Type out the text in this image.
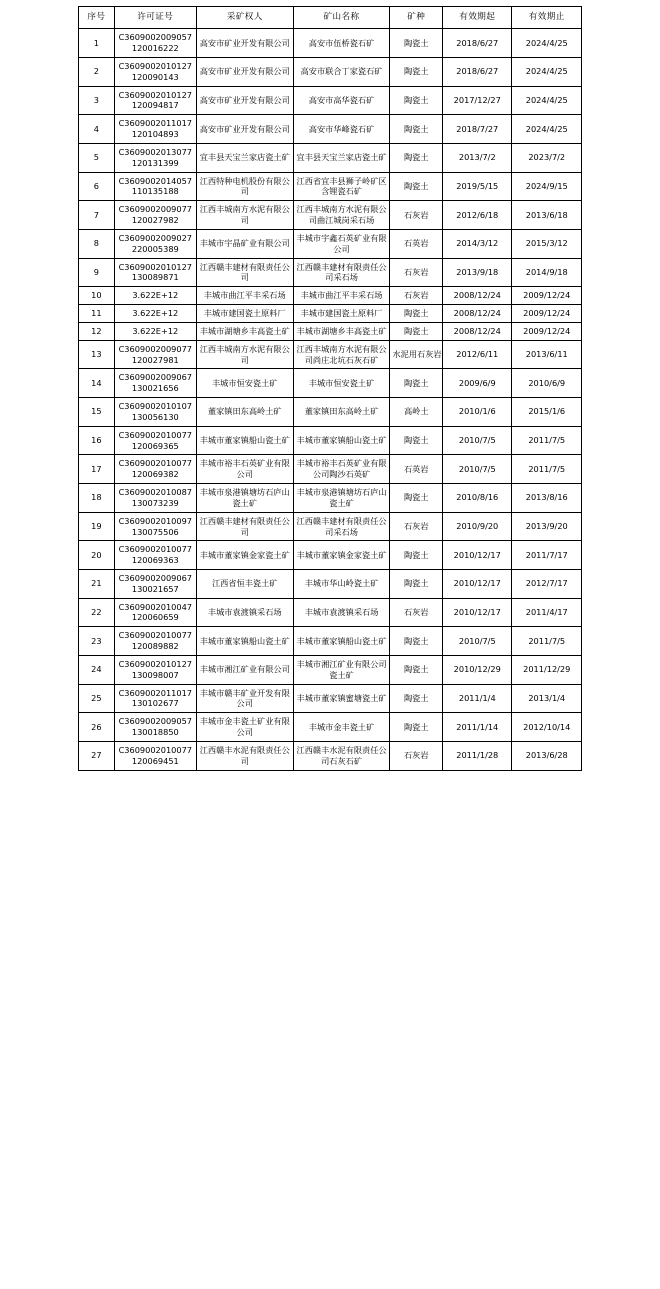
序号	许可证号	采矿权人	矿山名称	矿种	有效期起	有效期止
1	C3609002009057120016222	高安市矿业开发有限公司	高安市伍桥瓷石矿	陶瓷土	2018/6/27	2024/4/25
2	C3609002010127120090143	高安市矿业开发有限公司	高安市联合丁家瓷石矿	陶瓷土	2018/6/27	2024/4/25
3	C3609002010127120094817	高安市矿业开发有限公司	高安市高华瓷石矿	陶瓷土	2017/12/27	2024/4/25
4	C3609002011017120104893	高安市矿业开发有限公司	高安市华峰瓷石矿	陶瓷土	2018/7/27	2024/4/25
5	C3609002013077120131399	宜丰县天宝兰家店瓷土矿	宜丰县天宝兰家店瓷土矿	陶瓷土	2013/7/2	2023/7/2
6	C3609002014057110135188	江西特种电机股份有限公司	江西省宜丰县狮子岭矿区含锂瓷石矿	陶瓷土	2019/5/15	2024/9/15
7	C3609002009077120027982	江西丰城南方水泥有限公司	江西丰城南方水泥有限公司曲江城岗采石场	石灰岩	2012/6/18	2013/6/18
8	C3609002009027220005389	丰城市宇晶矿业有限公司	丰城市宇鑫石英矿业有限公司	石英岩	2014/3/12	2015/3/12
9	C3609002010127130089871	江西赣丰建材有限责任公司	江西赣丰建材有限责任公司采石场	石灰岩	2013/9/18	2014/9/18
10	3.622E+12	丰城市曲江平丰采石场	丰城市曲江平丰采石场	石灰岩	2008/12/24	2009/12/24
11	3.622E+12	丰城市建国瓷土原料厂	丰城市建国瓷土原料厂	陶瓷土	2008/12/24	2009/12/24
12	3.622E+12	丰城市湖塘乡丰高瓷土矿	丰城市湖塘乡丰高瓷土矿	陶瓷土	2008/12/24	2009/12/24
13	C3609002009077120027981	江西丰城南方水泥有限公司	江西丰城南方水泥有限公司尚庄北坑石灰石矿	水泥用石灰岩	2012/6/11	2013/6/11
14	C3609002009067130021656	丰城市恒安瓷土矿	丰城市恒安瓷土矿	陶瓷土	2009/6/9	2010/6/9
15	C3609002010107130056130	董家镇田东高岭土矿	董家镇田东高岭土矿	高岭土	2010/1/6	2015/1/6
16	C3609002010077120069365	丰城市董家镇船山瓷土矿	丰城市董家镇船山瓷土矿	陶瓷土	2010/7/5	2011/7/5
17	C3609002010077120069382	丰城市裕丰石英矿业有限公司	丰城市裕丰石英矿业有限公司陶沙石英矿	石英岩	2010/7/5	2011/7/5
18	C3609002010087130073239	丰城市泉港镇塘坊石庐山瓷土矿	丰城市泉港镇塘坊石庐山瓷土矿	陶瓷土	2010/8/16	2013/8/16
19	C3609002010097130075506	江西赣丰建材有限责任公司	江西赣丰建材有限责任公司采石场	石灰岩	2010/9/20	2013/9/20
20	C3609002010077120069363	丰城市董家镇金家瓷土矿	丰城市董家镇金家瓷土矿	陶瓷土	2010/12/17	2011/7/17
21	C3609002009067130021657	江西省恒丰瓷土矿	丰城市华山岭瓷土矿	陶瓷土	2010/12/17	2012/7/17
22	C3609002010047120060659	丰城市袁渡镇采石场	丰城市袁渡镇采石场	石灰岩	2010/12/17	2011/4/17
23	C3609002010077120089882	丰城市董家镇船山瓷土矿	丰城市董家镇船山瓷土矿	陶瓷土	2010/7/5	2011/7/5
24	C3609002010127130098007	丰城市湘江矿业有限公司	丰城市湘江矿业有限公司瓷土矿	陶瓷土	2010/12/29	2011/12/29
25	C3609002011017130102677	丰城市赣丰矿业开发有限公司	丰城市董家镇蜜塘瓷土矿	陶瓷土	2011/1/4	2013/1/4
26	C3609002009057130018850	丰城市金丰瓷土矿业有限公司	丰城市金丰瓷土矿	陶瓷土	2011/1/14	2012/10/14
27	C3609002010077120069451	江西赣丰水泥有限责任公司	江西赣丰水泥有限责任公司石灰石矿	石灰岩	2011/1/28	2013/6/28
